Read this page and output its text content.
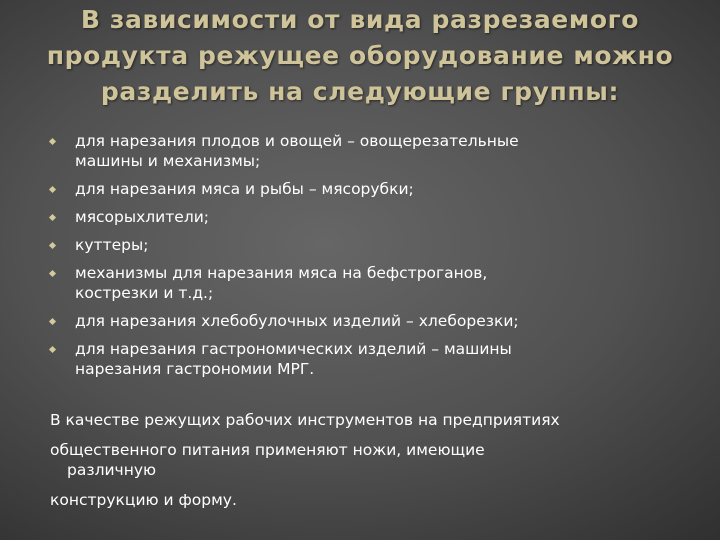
В зависимости от вида разрезаемого продукта режущее оборудование можно разделить на следующие группы:
для нарезания плодов и овощей – овощерезательные
машины и механизмы;
для нарезания мяса и рыбы – мясорубки;
мясорыхлители;
куттеры;
механизмы для нарезания мяса на бефстроганов,
кострезки и т.д.;
для нарезания хлебобулочных изделий – хлеборезки;
для нарезания гастрономических изделий – машины
нарезания гастрономии МРГ.
В качестве режущих рабочих инструментов на предприятиях
общественного питания применяют ножи, имеющие
различную
конструкцию и форму.
